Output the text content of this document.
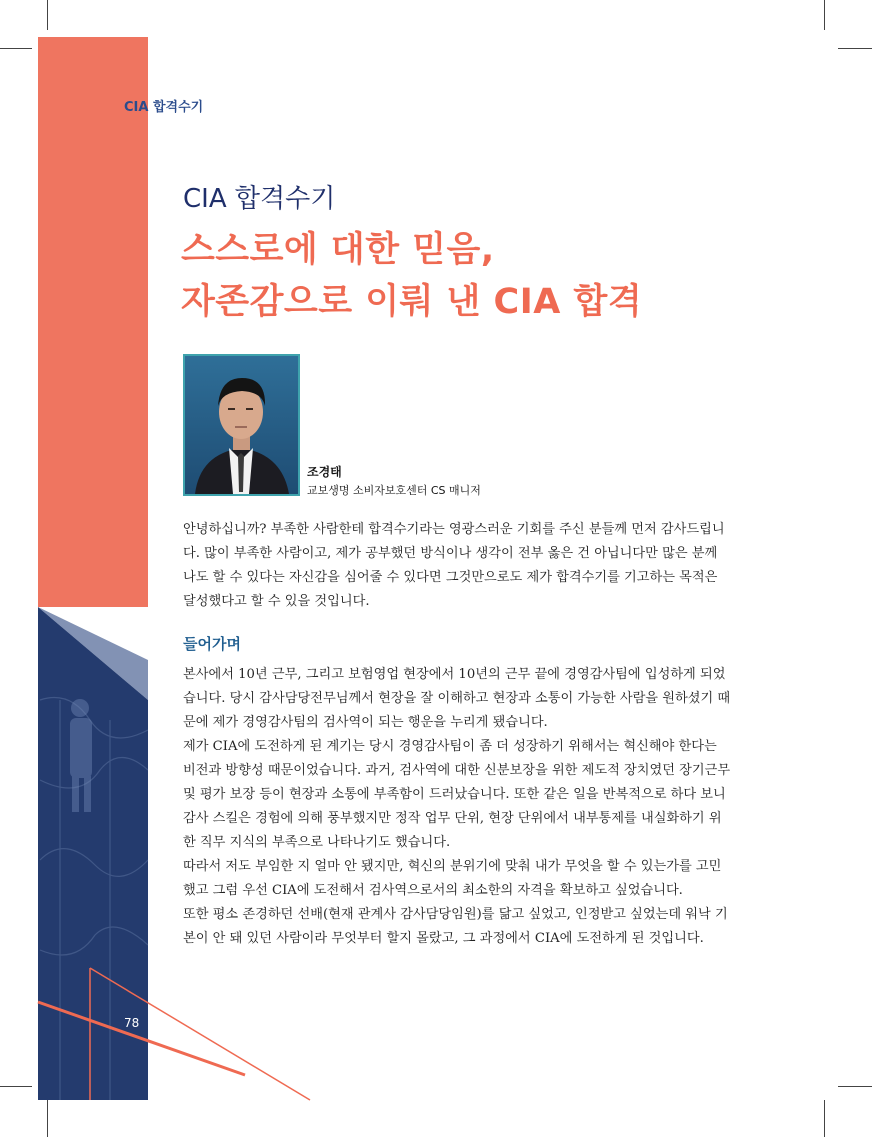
CIA 합격수기
CIA 합격수기
스스로에 대한 믿음,
자존감으로 이뤄 낸 CIA 합격
조경태
교보생명 소비자보호센터 CS 매니저

안녕하십니까? 부족한 사람한테 합격수기라는 영광스러운 기회를 주신 분들께 먼저 감사드립니다. 많이 부족한 사람이고, 제가 공부했던 방식이나 생각이 전부 옳은 건 아닙니다만 많은 분께 나도 할 수 있다는 자신감을 심어줄 수 있다면 그것만으로도 제가 합격수기를 기고하는 목적은 달성했다고 할 수 있을 것입니다.

들어가며

본사에서 10년 근무, 그리고 보험영업 현장에서 10년의 근무 끝에 경영감사팀에 입성하게 되었습니다. 당시 감사담당전무님께서 현장을 잘 이해하고 현장과 소통이 가능한 사람을 원하셨기 때문에 제가 경영감사팀의 검사역이 되는 행운을 누리게 됐습니다.

제가 CIA에 도전하게 된 계기는 당시 경영감사팀이 좀 더 성장하기 위해서는 혁신해야 한다는 비전과 방향성 때문이었습니다. 과거, 검사역에 대한 신분보장을 위한 제도적 장치였던 장기근무 및 평가 보장 등이 현장과 소통에 부족함이 드러났습니다. 또한 같은 일을 반복적으로 하다 보니 감사 스킬은 경험에 의해 풍부했지만 정작 업무 단위, 현장 단위에서 내부통제를 내실화하기 위한 직무 지식의 부족으로 나타나기도 했습니다.

따라서 저도 부임한 지 얼마 안 됐지만, 혁신의 분위기에 맞춰 내가 무엇을 할 수 있는가를 고민했고 그럼 우선 CIA에 도전해서 검사역으로서의 최소한의 자격을 확보하고 싶었습니다.

또한 평소 존경하던 선배(현재 관계사 감사담당임원)를 닮고 싶었고, 인정받고 싶었는데 워낙 기본이 안 돼 있던 사람이라 무엇부터 할지 몰랐고, 그 과정에서 CIA에 도전하게 된 것입니다.

78
